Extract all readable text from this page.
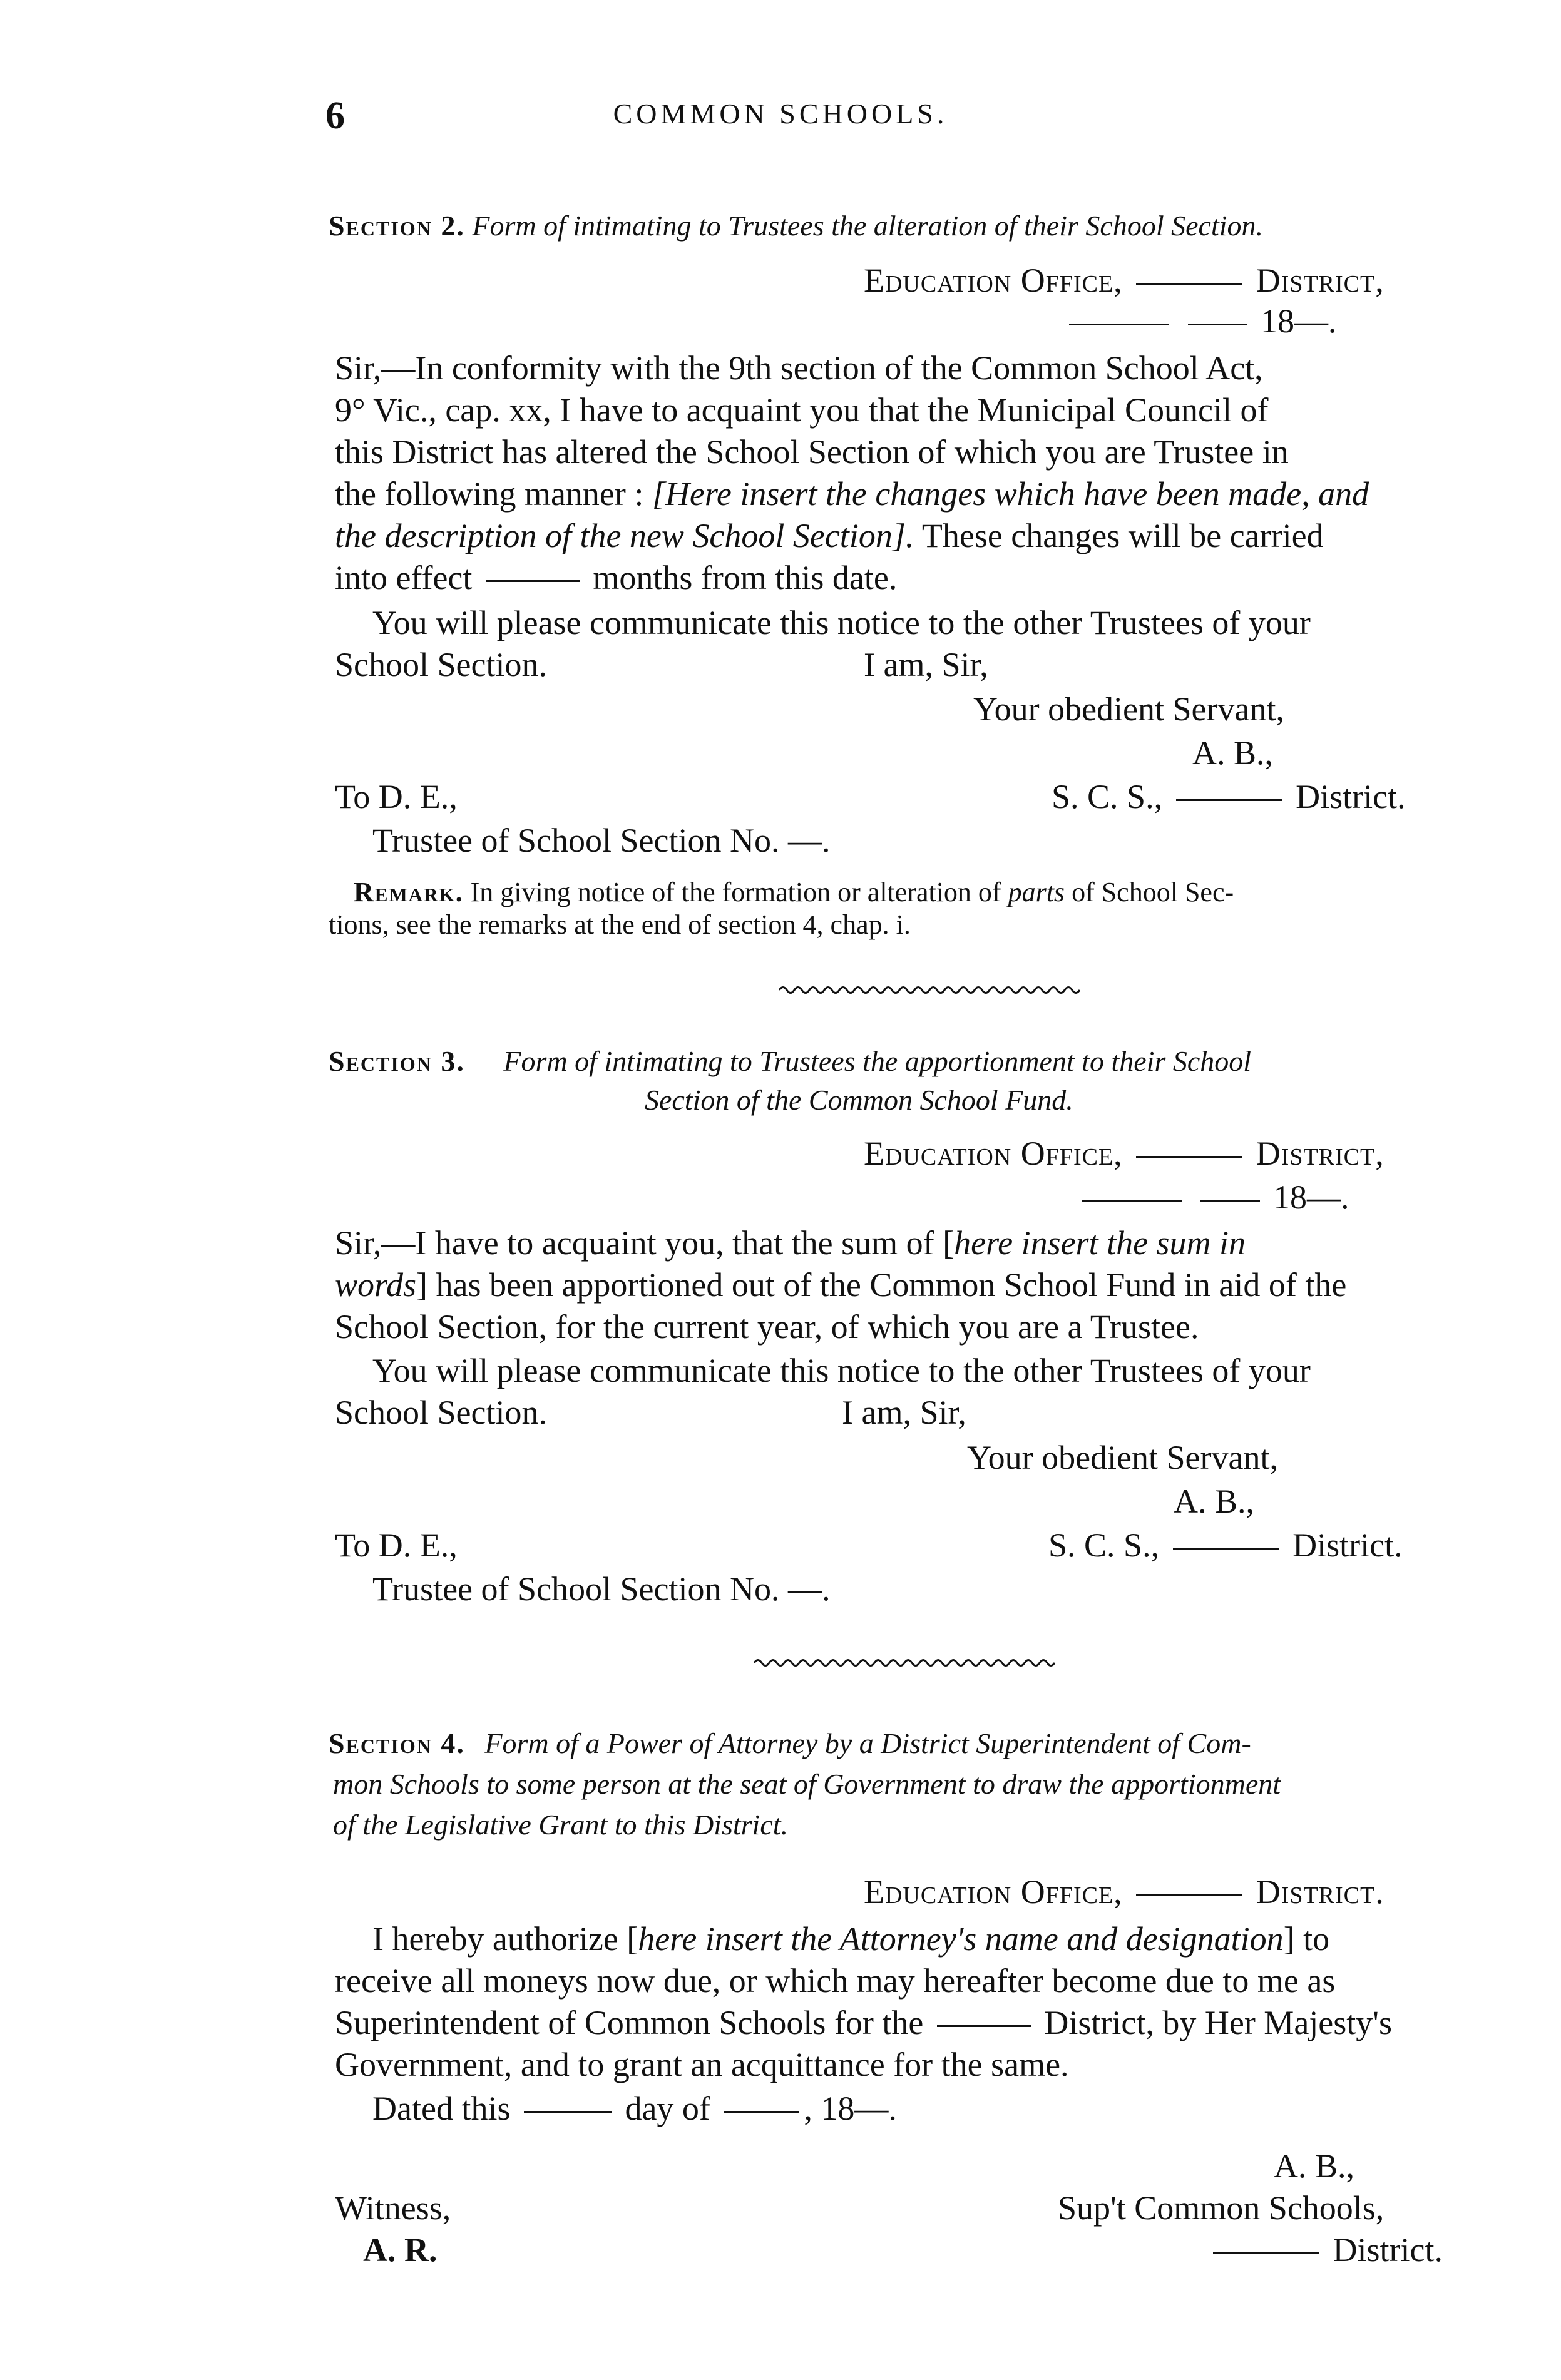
6	COMMON SCHOOLS.
Section 2. Form of intimating to Trustees the alteration of their School Section.
Education Office,	District,
18—.
Sir,—In conformity with the 9th section of the Common School Act,
9° Vic., cap. xx, I have to acquaint you that the Municipal Council of
this District has altered the School Section of which you are Trustee in
the following manner : [Here insert the changes which have been made, and
the description of the new School Section]. These changes will be carried
into effect	months from this date.
You will please communicate this notice to the other Trustees of your
School Section.	I am, Sir,
Your obedient Servant,
A. B.,
To D. E.,	S. C. S.,	District.
Trustee of School Section No. —.
Remark. In giving notice of the formation or alteration of parts of School Sec-
tions, see the remarks at the end of section 4, chap. i.
Section 3. Form of intimating to Trustees the apportionment to their School
Section of the Common School Fund.
Education Office,	District,
18—.
Sir,—I have to acquaint you, that the sum of [here insert the sum in
words] has been apportioned out of the Common School Fund in aid of the
School Section, for the current year, of which you are a Trustee.
You will please communicate this notice to the other Trustees of your
School Section.	I am, Sir,
Your obedient Servant,
A. B.,
To D. E.,	S. C. S.,	District.
Trustee of School Section No. —.
Section 4. Form of a Power of Attorney by a District Superintendent of Com-
mon Schools to some person at the seat of Government to draw the apportionment
of the Legislative Grant to this District.
Education Office,	District.
I hereby authorize [here insert the Attorney's name and designation] to
receive all moneys now due, or which may hereafter become due to me as
Superintendent of Common Schools for the	District, by Her Majesty's
Government, and to grant an acquittance for the same.
Dated this	day of	, 18—.
A. B.,
Witness,	Sup't Common Schools,
A. R.	District.
